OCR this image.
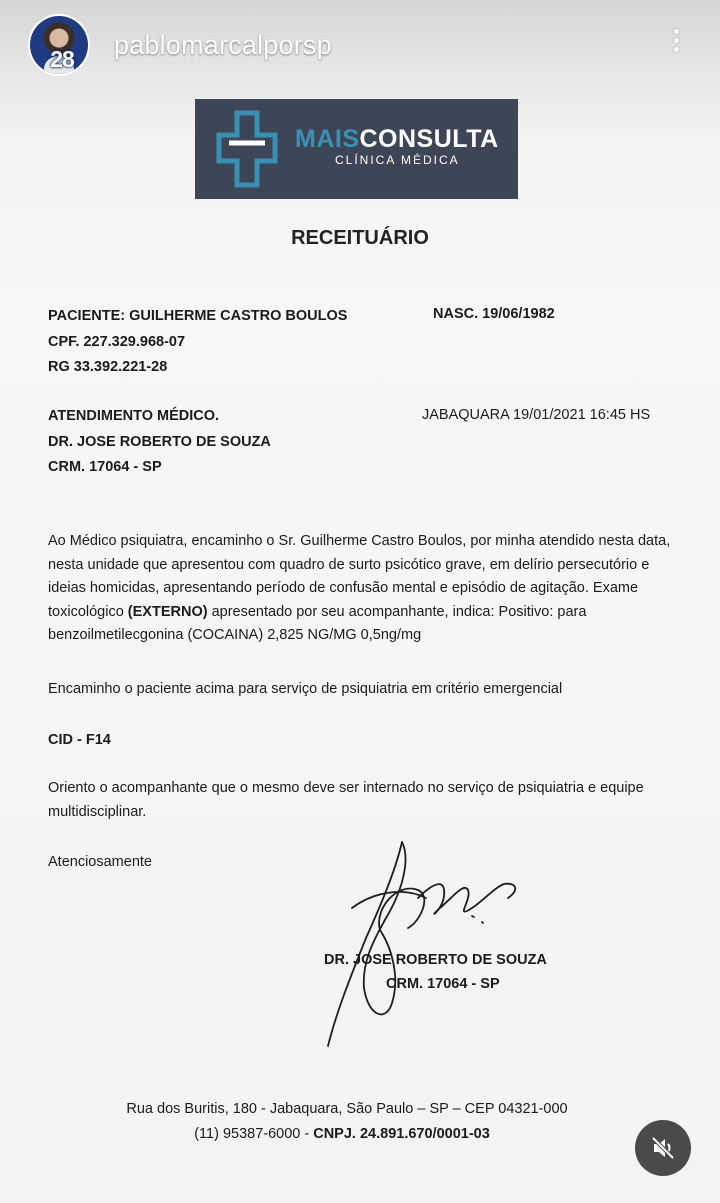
28	pablomarcalporsp
MAISCONSULTA
CLÍNICA MÉDICA
RECEITUÁRIO
PACIENTE: GUILHERME CASTRO BOULOS	NASC. 19/06/1982
CPF. 227.329.968-07
RG 33.392.221-28
ATENDIMENTO MÉDICO.	JABAQUARA 19/01/2021 16:45 HS
DR. JOSE ROBERTO DE SOUZA
CRM. 17064 - SP
Ao Médico psiquiatra, encaminho o Sr. Guilherme Castro Boulos, por minha atendido nesta data, nesta unidade que apresentou com quadro de surto psicótico grave, em delírio persecutório e ideias homicidas, apresentando período de confusão mental e episódio de agitação. Exame toxicológico (EXTERNO) apresentado por seu acompanhante, indica: Positivo: para benzoilmetilecgonina (COCAINA) 2,825 NG/MG 0,5ng/mg
Encaminho o paciente acima para serviço de psiquiatria em critério emergencial
CID - F14
Oriento o acompanhante que o mesmo deve ser internado no serviço de psiquiatria e equipe multidisciplinar.
Atenciosamente
DR. JOSE ROBERTO DE SOUZA
CRM. 17064 - SP
Rua dos Buritis, 180 - Jabaquara, São Paulo – SP – CEP 04321-000
(11) 95387-6000 - CNPJ. 24.891.670/0001-03
